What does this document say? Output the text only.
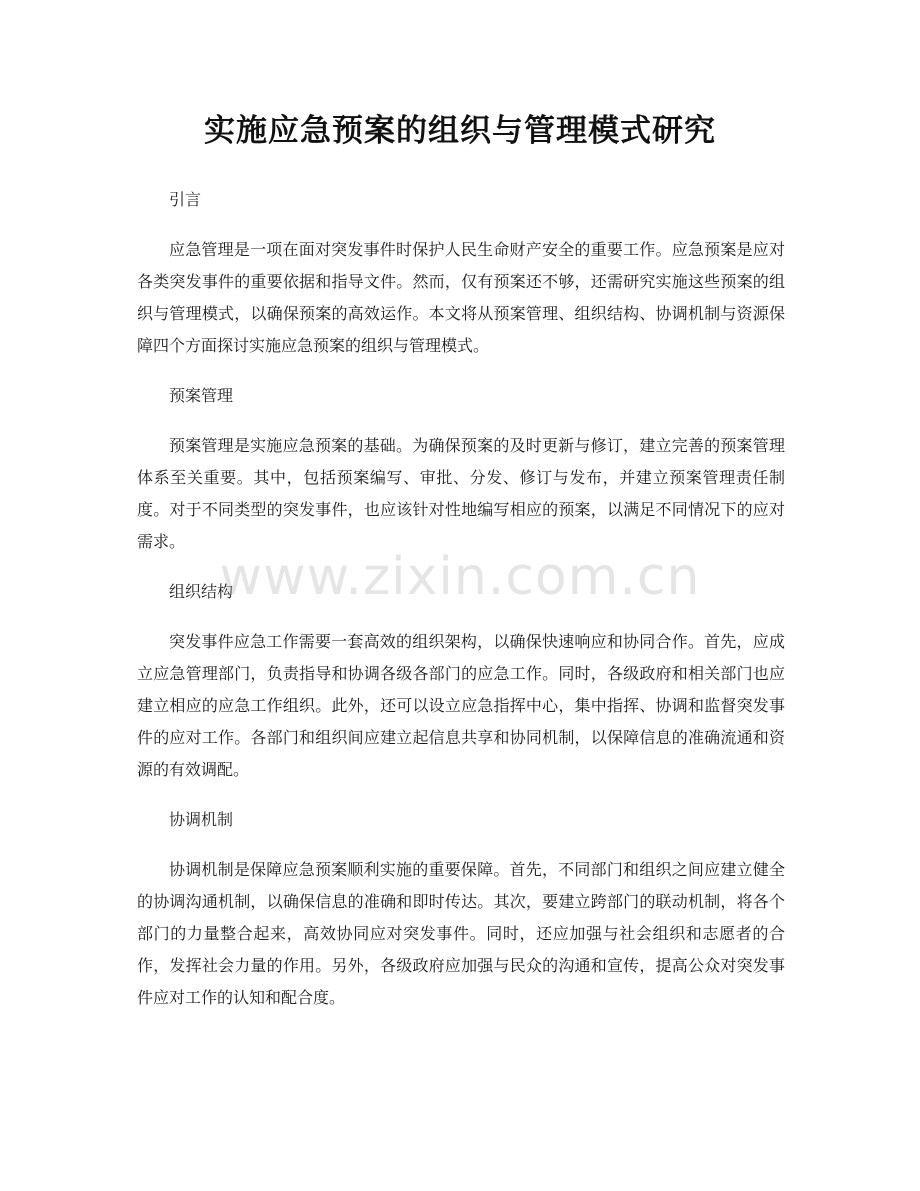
实施应急预案的组织与管理模式研究

引言

应急管理是一项在面对突发事件时保护人民生命财产安全的重要工作。应急预案是应对各类突发事件的重要依据和指导文件。然而，仅有预案还不够，还需研究实施这些预案的组织与管理模式，以确保预案的高效运作。本文将从预案管理、组织结构、协调机制与资源保障四个方面探讨实施应急预案的组织与管理模式。

预案管理

预案管理是实施应急预案的基础。为确保预案的及时更新与修订，建立完善的预案管理体系至关重要。其中，包括预案编写、审批、分发、修订与发布，并建立预案管理责任制度。对于不同类型的突发事件，也应该针对性地编写相应的预案，以满足不同情况下的应对需求。

组织结构

突发事件应急工作需要一套高效的组织架构，以确保快速响应和协同合作。首先，应成立应急管理部门，负责指导和协调各级各部门的应急工作。同时，各级政府和相关部门也应建立相应的应急工作组织。此外，还可以设立应急指挥中心，集中指挥、协调和监督突发事件的应对工作。各部门和组织间应建立起信息共享和协同机制，以保障信息的准确流通和资源的有效调配。

协调机制

协调机制是保障应急预案顺利实施的重要保障。首先，不同部门和组织之间应建立健全的协调沟通机制，以确保信息的准确和即时传达。其次，要建立跨部门的联动机制，将各个部门的力量整合起来，高效协同应对突发事件。同时，还应加强与社会组织和志愿者的合作，发挥社会力量的作用。另外，各级政府应加强与民众的沟通和宣传，提高公众对突发事件应对工作的认知和配合度。

www.zixin.com.cn
